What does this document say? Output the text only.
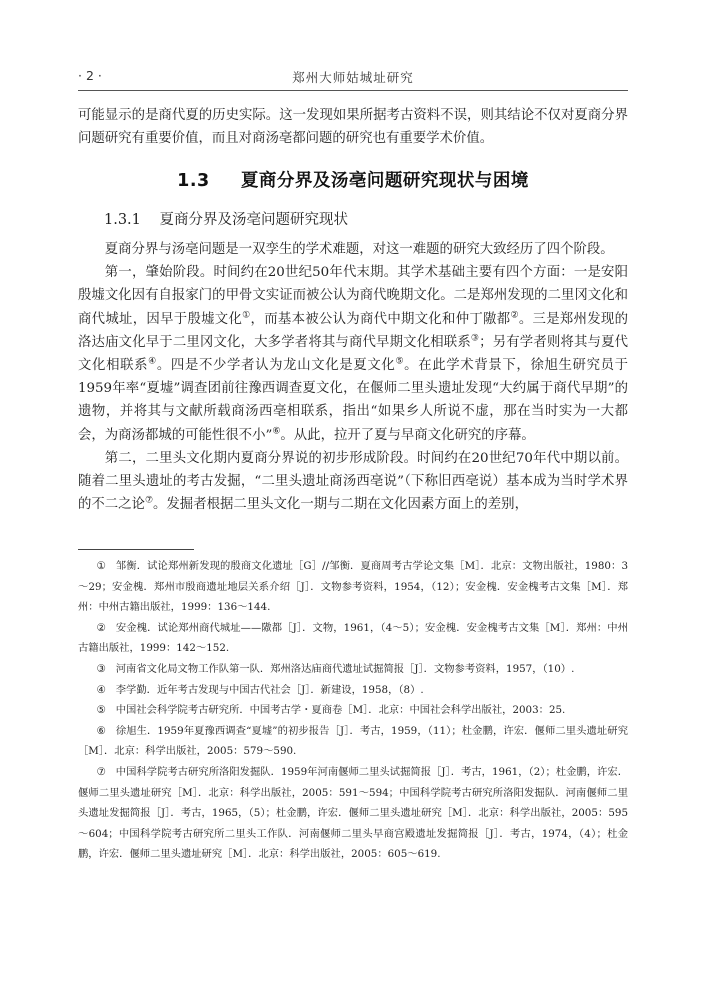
· 2 ·	郑州大师姑城址研究

可能显示的是商代夏的历史实际。这一发现如果所据考古资料不误，则其结论不仅对夏商分界问题研究有重要价值，而且对商汤亳都问题的研究也有重要学术价值。

1.3 夏商分界及汤亳问题研究现状与困境
1.3.1 夏商分界及汤亳问题研究现状

夏商分界与汤亳问题是一双孪生的学术难题，对这一难题的研究大致经历了四个阶段。

第一，肇始阶段。时间约在20世纪50年代末期。其学术基础主要有四个方面：一是安阳殷墟文化因有自报家门的甲骨文实证而被公认为商代晚期文化。二是郑州发现的二里冈文化和商代城址，因早于殷墟文化①，而基本被公认为商代中期文化和仲丁隞都②。三是郑州发现的洛达庙文化早于二里冈文化，大多学者将其与商代早期文化相联系③；另有学者则将其与夏代文化相联系④。四是不少学者认为龙山文化是夏文化⑤。在此学术背景下，徐旭生研究员于1959年率“夏墟”调查团前往豫西调查夏文化，在偃师二里头遗址发现“大约属于商代早期”的遗物，并将其与文献所载商汤西亳相联系，指出“如果乡人所说不虚，那在当时实为一大都会，为商汤都城的可能性很不小”⑥。从此，拉开了夏与早商文化研究的序幕。

第二，二里头文化期内夏商分界说的初步形成阶段。时间约在20世纪70年代中期以前。随着二里头遗址的考古发掘，“二里头遗址商汤西亳说”（下称旧西亳说）基本成为当时学术界的不二之论⑦。发掘者根据二里头文化一期与二期在文化因素方面上的差别，

① 邹衡．试论郑州新发现的殷商文化遗址［G］//邹衡．夏商周考古学论文集［M］．北京：文物出版社，1980：3～29；安金槐．郑州市殷商遗址地层关系介绍［J］．文物参考资料，1954，（12）；安金槐．安金槐考古文集［M］．郑州：中州古籍出版社，1999：136～144.

② 安金槐．试论郑州商代城址——隞都［J］．文物，1961，（4～5）；安金槐．安金槐考古文集［M］．郑州：中州古籍出版社，1999：142～152.

③ 河南省文化局文物工作队第一队．郑州洛达庙商代遗址试掘简报［J］．文物参考资料，1957，（10）.

④ 李学勤．近年考古发现与中国古代社会［J］．新建设，1958，（8）.

⑤ 中国社会科学院考古研究所．中国考古学・夏商卷［M］．北京：中国社会科学出版社，2003：25.

⑥ 徐旭生．1959年夏豫西调查“夏墟”的初步报告［J］．考古，1959，（11）；杜金鹏，许宏．偃师二里头遗址研究［M］．北京：科学出版社，2005：579～590.

⑦ 中国科学院考古研究所洛阳发掘队．1959年河南偃师二里头试掘简报［J］．考古，1961，（2）；杜金鹏，许宏．偃师二里头遗址研究［M］．北京：科学出版社，2005：591～594；中国科学院考古研究所洛阳发掘队．河南偃师二里头遗址发掘简报［J］．考古，1965，（5）；杜金鹏，许宏．偃师二里头遗址研究［M］．北京：科学出版社，2005：595～604；中国科学院考古研究所二里头工作队．河南偃师二里头早商宫殿遗址发掘简报［J］．考古，1974，（4）；杜金鹏，许宏．偃师二里头遗址研究［M］．北京：科学出版社，2005：605～619.
